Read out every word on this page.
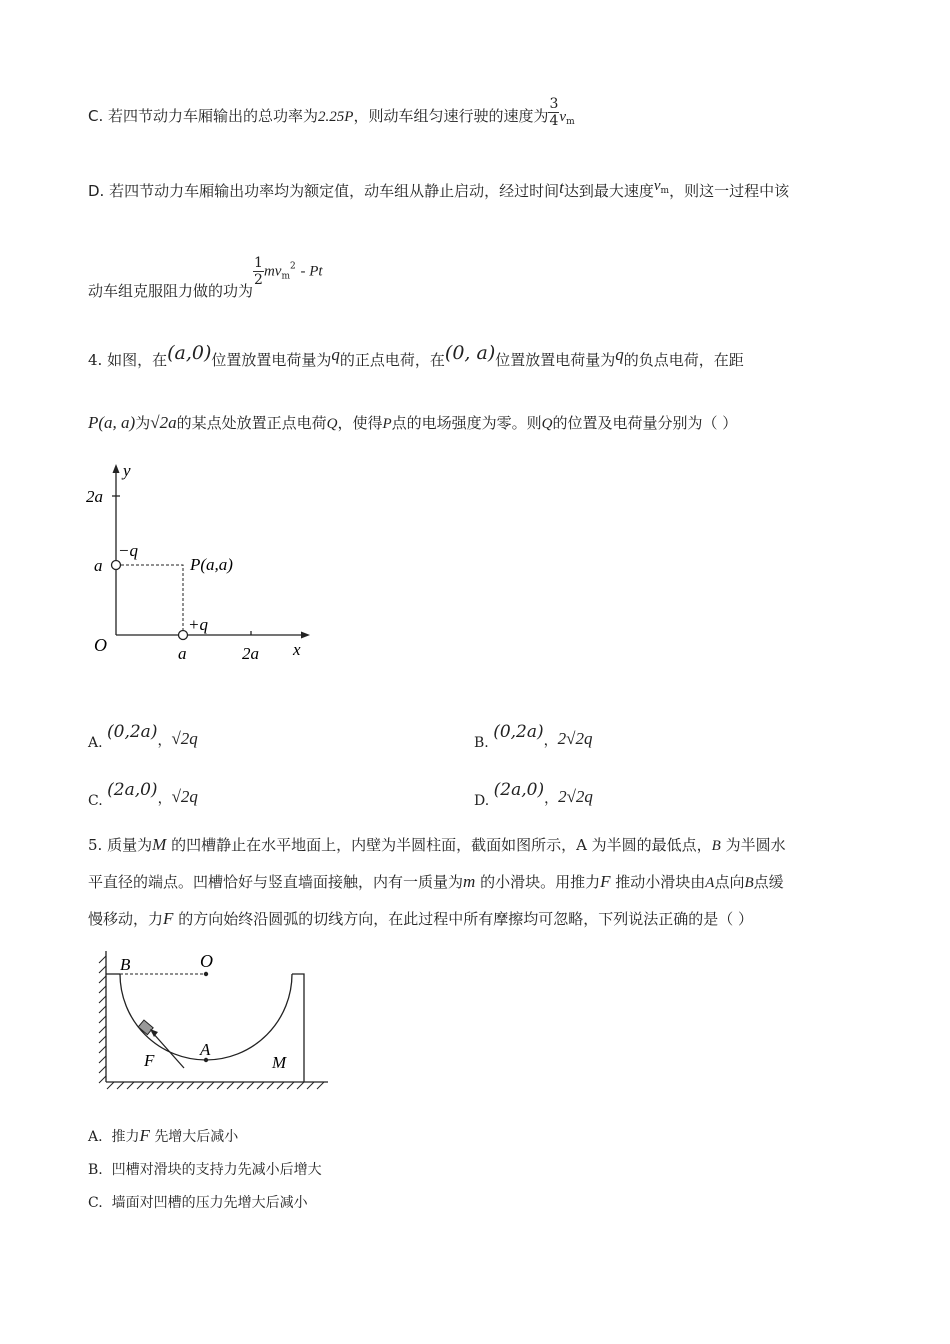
C. 若四节动力车厢输出的总功率为2.25P，则动车组匀速行驶的速度为 $\frac{3}{4} v_m$
D. 若四节动力车厢输出功率均为额定值，动车组从静止启动，经过时间t达到最大速度$v^m$，则这一过程中该
动车组克服阻力做的功为
$\frac{1}{2} mv_m^2$ - Pt
4. 如图，在(a,0)位置放置电荷量为q的正点电荷，在(0, a)位置放置电荷量为q的负点电荷，在距
P(a, a)为√2a的某点处放置正点电荷Q，使得P点的电场强度为零。则Q的位置及电荷量分别为（ ）
y
x
O
2a
a
a	2a
−q
+q
P(a,a)
A. (0,2a)，√2q	B. (0,2a)，2√2q
C. (2a,0)，√2q	D. (2a,0)，2√2q
5. 质量为M 的凹槽静止在水平地面上，内壁为半圆柱面，截面如图所示，A 为半圆的最低点，B 为半圆水
平直径的端点。凹槽恰好与竖直墙面接触，内有一质量为m 的小滑块。用推力F 推动小滑块由A点向B点缓
慢移动，力F 的方向始终沿圆弧的切线方向，在此过程中所有摩擦均可忽略，下列说法正确的是（ ）
B	O
A
F	M
A. 推力F 先增大后减小
B. 凹槽对滑块的支持力先减小后增大
C. 墙面对凹槽的压力先增大后减小
